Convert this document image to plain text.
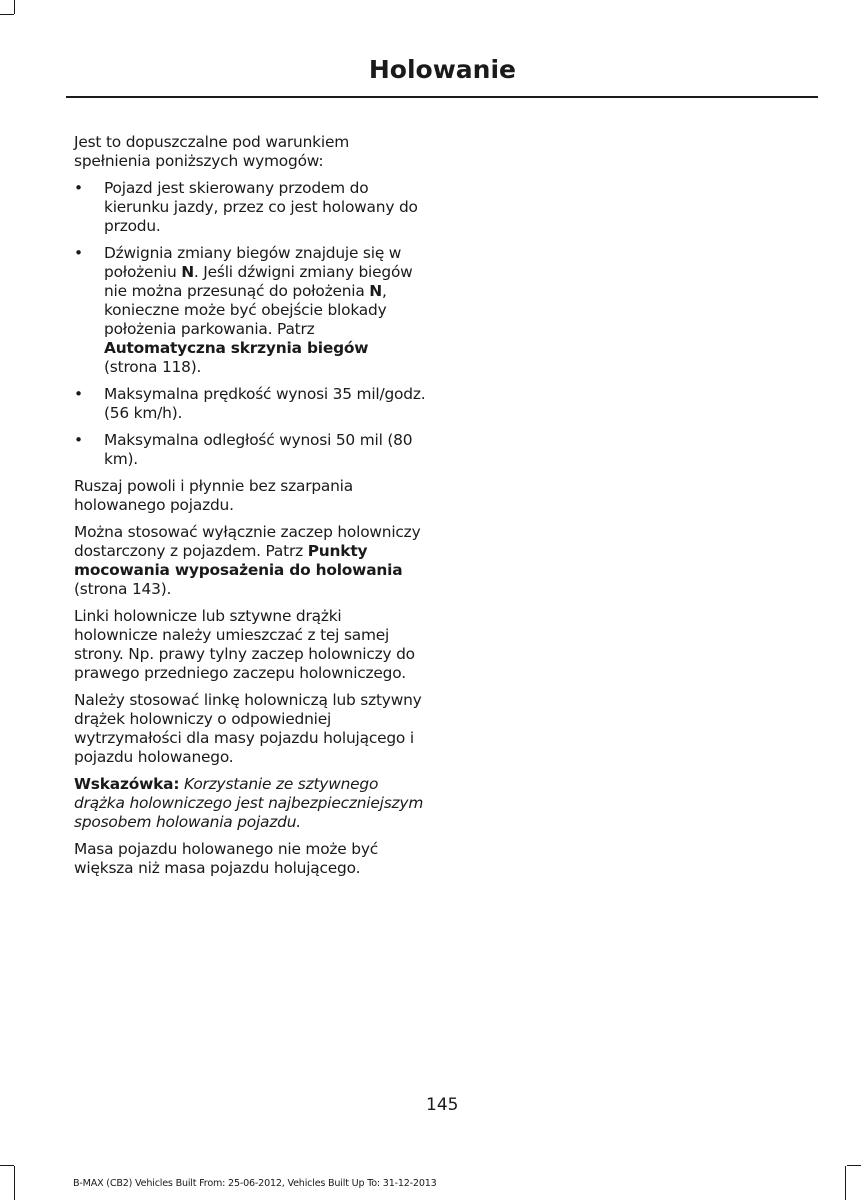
Holowanie

Jest to dopuszczalne pod warunkiem spełnienia poniższych wymogów:

• Pojazd jest skierowany przodem do kierunku jazdy, przez co jest holowany do przodu.
• Dźwignia zmiany biegów znajduje się w położeniu N. Jeśli dźwigni zmiany biegów nie można przesunąć do położenia N, konieczne może być obejście blokady położenia parkowania. Patrz Automatyczna skrzynia biegów (strona 118).
• Maksymalna prędkość wynosi 35 mil/godz. (56 km/h).
• Maksymalna odległość wynosi 50 mil (80 km).

Ruszaj powoli i płynnie bez szarpania holowanego pojazdu.

Można stosować wyłącznie zaczep holowniczy dostarczony z pojazdem. Patrz Punkty mocowania wyposażenia do holowania (strona 143).

Linki holownicze lub sztywne drążki holownicze należy umieszczać z tej samej strony. Np. prawy tylny zaczep holowniczy do prawego przedniego zaczepu holowniczego.

Należy stosować linkę holowniczą lub sztywny drążek holowniczy o odpowiedniej wytrzymałości dla masy pojazdu holującego i pojazdu holowanego.

Wskazówka: Korzystanie ze sztywnego drążka holowniczego jest najbezpieczniejszym sposobem holowania pojazdu.

Masa pojazdu holowanego nie może być większa niż masa pojazdu holującego.

145
B-MAX (CB2) Vehicles Built From: 25-06-2012, Vehicles Built Up To: 31-12-2013
